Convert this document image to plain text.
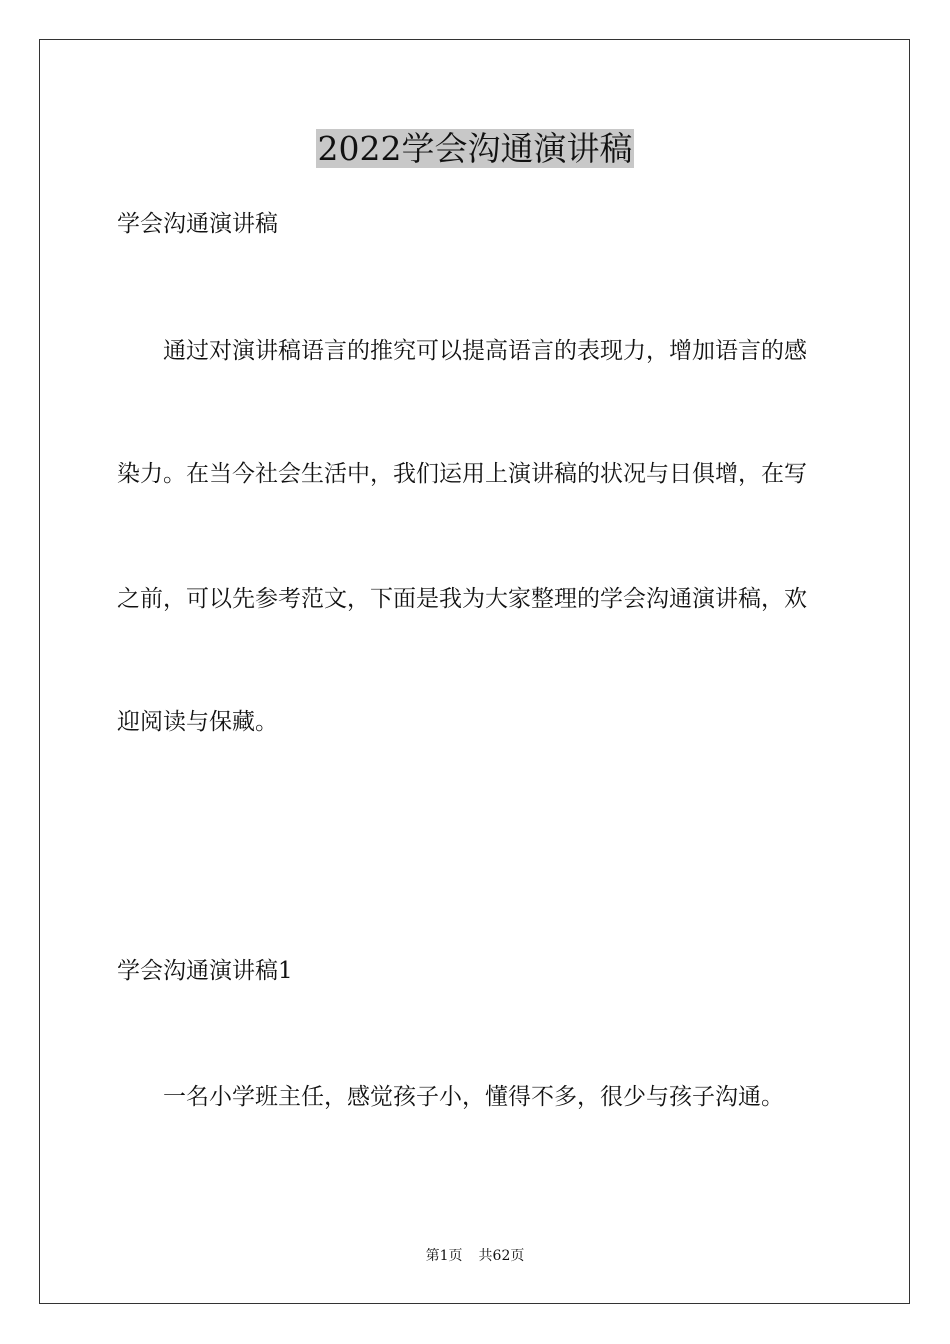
2022学会沟通演讲稿

学会沟通演讲稿

通过对演讲稿语言的推究可以提高语言的表现力，增加语言的感

染力。在当今社会生活中，我们运用上演讲稿的状况与日俱增，在写

之前，可以先参考范文，下面是我为大家整理的学会沟通演讲稿，欢

迎阅读与保藏。

学会沟通演讲稿1

一名小学班主任，感觉孩子小，懂得不多，很少与孩子沟通。

第1页 共62页
